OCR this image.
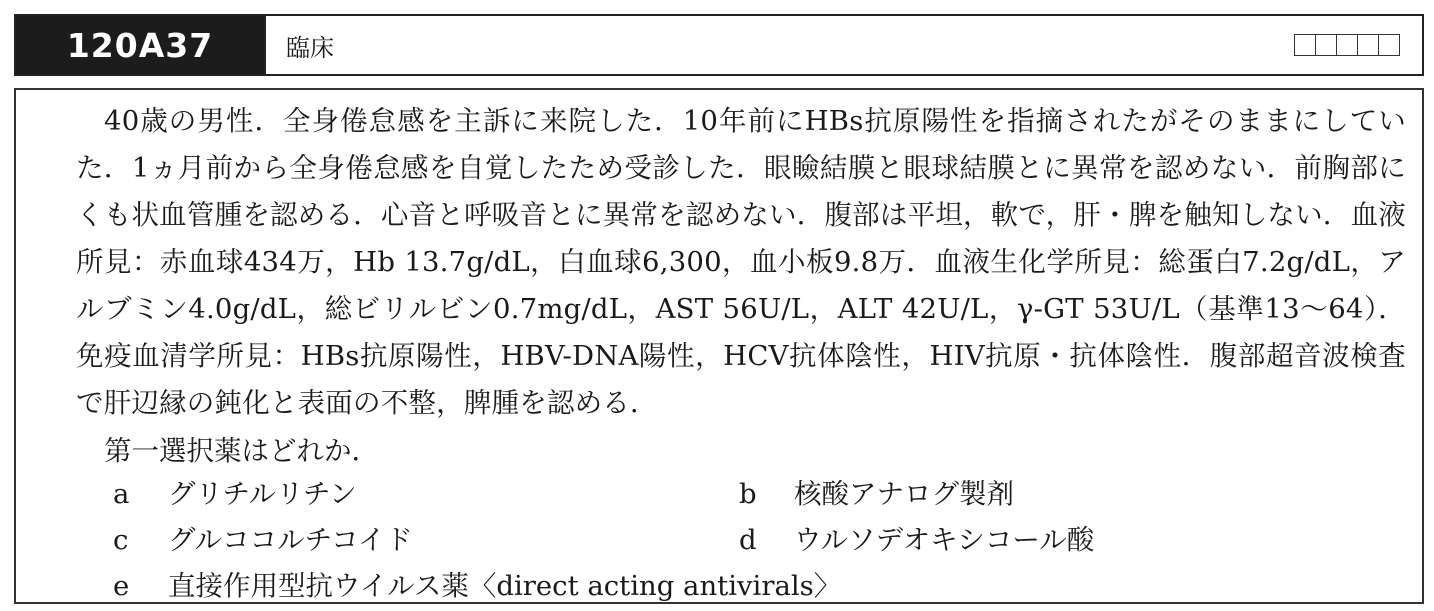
120A37	臨床
40歳の男性．全身倦怠感を主訴に来院した．10年前にHBs抗原陽性を指摘されたがそのままにしていた．1ヵ月前から全身倦怠感を自覚したため受診した．眼瞼結膜と眼球結膜とに異常を認めない．前胸部にくも状血管腫を認める．心音と呼吸音とに異常を認めない．腹部は平坦，軟で，肝・脾を触知しない．血液所見：赤血球434万，Hb 13.7g/dL，白血球6,300，血小板9.8万．血液生化学所見：総蛋白7.2g/dL，アルブミン4.0g/dL，総ビリルビン0.7mg/dL，AST 56U/L，ALT 42U/L，γ-GT 53U/L（基準13～64）．免疫血清学所見：HBs抗原陽性，HBV-DNA陽性，HCV抗体陰性，HIV抗原・抗体陰性．腹部超音波検査で肝辺縁の鈍化と表面の不整，脾腫を認める．
第一選択薬はどれか．
a	グリチルリチン	b	核酸アナログ製剤
c	グルココルチコイド	d	ウルソデオキシコール酸
e	直接作用型抗ウイルス薬〈direct acting antivirals〉
